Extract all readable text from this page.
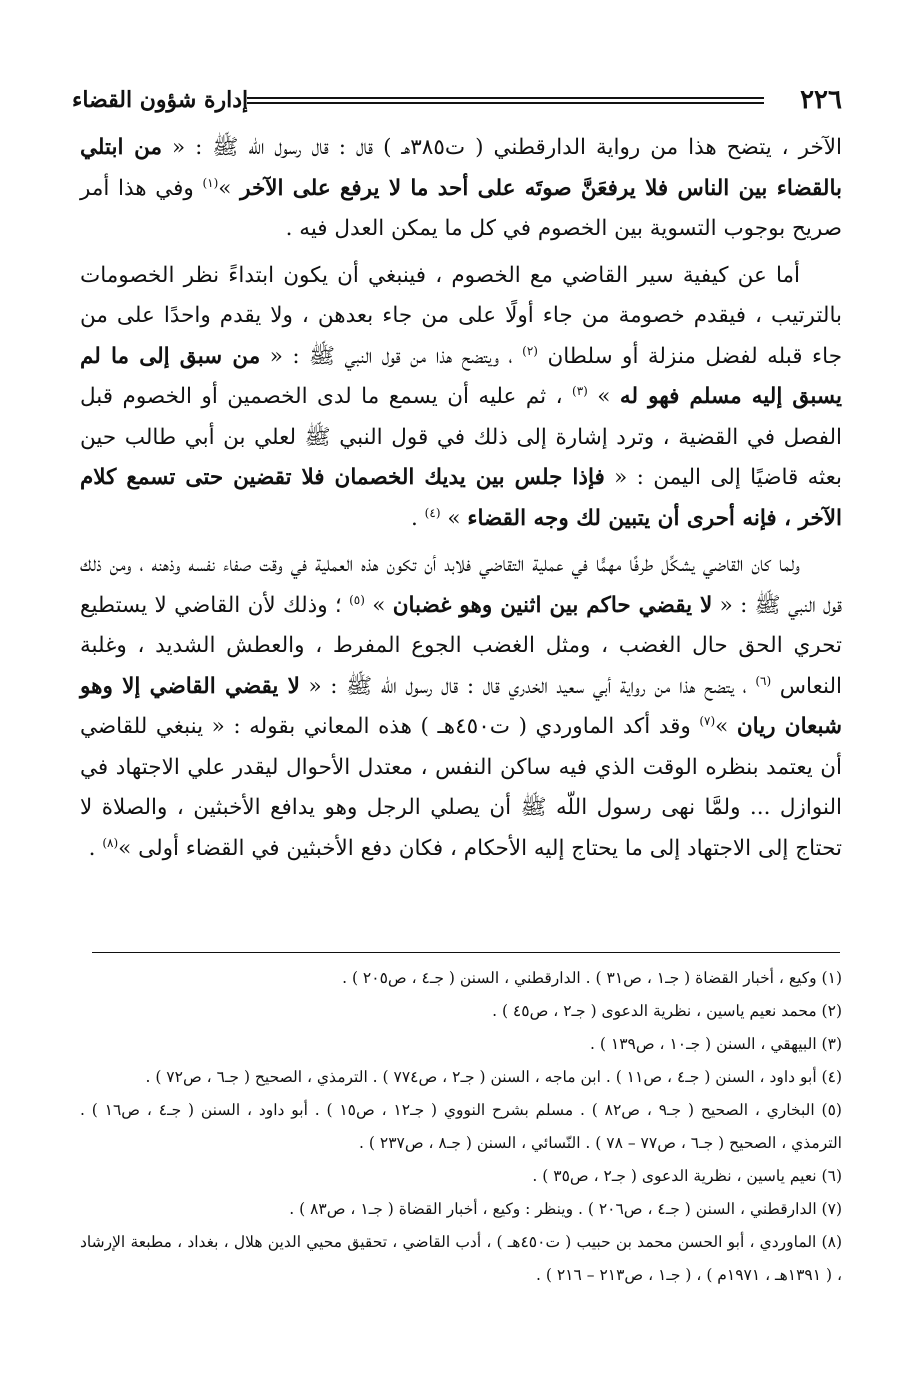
٢٢٦
إدارة شؤون القضاء

الآخر ، يتضح هذا من رواية الدارقطني ( ت٣٨٥هـ ) قال : قال رسول اللّه ﷺ : « من ابتلي بالقضاء بين الناس فلا يرفعَنَّ صوتَه على أحد ما لا يرفع على الآخر »$^{(١)}$ وفي هذا أمر صريح بوجوب التسوية بين الخصوم في كل ما يمكن العدل فيه .

أما عن كيفية سير القاضي مع الخصوم ، فينبغي أن يكون ابتداءً نظر الخصومات بالترتيب ، فيقدم خصومة من جاء أولًا على من جاء بعدهن ، ولا يقدم واحدًا على من جاء قبله لفضل منزلة أو سلطان $^{(٢)}$ ، ويتضح هذا من قول النبي ﷺ : « من سبق إلى ما لم يسبق إليه مسلم فهو له » $^{(٣)}$ ، ثم عليه أن يسمع ما لدى الخصمين أو الخصوم قبل الفصل في القضية ، وترد إشارة إلى ذلك في قول النبي ﷺ لعلي بن أبي طالب حين بعثه قاضيًا إلى اليمن : « فإذا جلس بين يديك الخصمان فلا تقضين حتى تسمع كلام الآخر ، فإنه أحرى أن يتبين لك وجه القضاء » $^{(٤)}$ .

ولما كان القاضي يشكِّل طرفًا مهمًّا في عملية التقاضي فلابد أن تكون هذه العملية في وقت صفاء نفسه وذهنه ، ومن ذلك قول النبي ﷺ : « لا يقضي حاكم بين اثنين وهو غضبان » $^{(٥)}$ ؛ وذلك لأن القاضي لا يستطيع تحري الحق حال الغضب ، ومثل الغضب الجوع المفرط ، والعطش الشديد ، وغلبة النعاس $^{(٦)}$ ، يتضح هذا من رواية أبي سعيد الخدري قال : قال رسول اللّه ﷺ : « لا يقضي القاضي إلا وهو شبعان ريان »$^{(٧)}$ وقد أكد الماوردي ( ت٤٥٠هـ ) هذه المعاني بقوله : « ينبغي للقاضي أن يعتمد بنظره الوقت الذي فيه ساكن النفس ، معتدل الأحوال ليقدر علي الاجتهاد في النوازل ... ولمَّا نهى رسول اللّه ﷺ أن يصلي الرجل وهو يدافع الأخبثين ، والصلاة لا تحتاج إلى الاجتهاد إلى ما يحتاج إليه الأحكام ، فكان دفع الأخبثين في القضاء أولى »$^{(٨)}$ .

(١) وكيع ، أخبار القضاة ( جـ١ ، ص٣١ ) . الدارقطني ، السنن ( جـ٤ ، ص٢٠٥ ) .
(٢) محمد نعيم ياسين ، نظرية الدعوى ( جـ٢ ، ص٤٥ ) .
(٣) البيهقي ، السنن ( جـ١٠ ، ص١٣٩ ) .
(٤) أبو داود ، السنن ( جـ٤ ، ص١١ ) . ابن ماجه ، السنن ( جـ٢ ، ص٧٧٤ ) . الترمذي ، الصحيح ( جـ٦ ، ص٧٢ ) .
(٥) البخاري ، الصحيح ( جـ٩ ، ص٨٢ ) . مسلم بشرح النووي ( جـ١٢ ، ص١٥ ) . أبو داود ، السنن ( جـ٤ ، ص١٦ ) . الترمذي ، الصحيح ( جـ٦ ، ص٧٧ – ٧٨ ) . النّسائي ، السنن ( جـ٨ ، ص٢٣٧ ) .
(٦) نعيم ياسين ، نظرية الدعوى ( جـ٢ ، ص٣٥ ) .
(٧) الدارقطني ، السنن ( جـ٤ ، ص٢٠٦ ) . وينظر : وكيع ، أخبار القضاة ( جـ١ ، ص٨٣ ) .
(٨) الماوردي ، أبو الحسن محمد بن حبيب ( ت٤٥٠هـ ) ، أدب القاضي ، تحقيق محيي الدين هلال ، بغداد ، مطبعة الإرشاد ، ( ١٣٩١هـ ، ١٩٧١م ) ، ( جـ١ ، ص٢١٣ – ٢١٦ ) .
